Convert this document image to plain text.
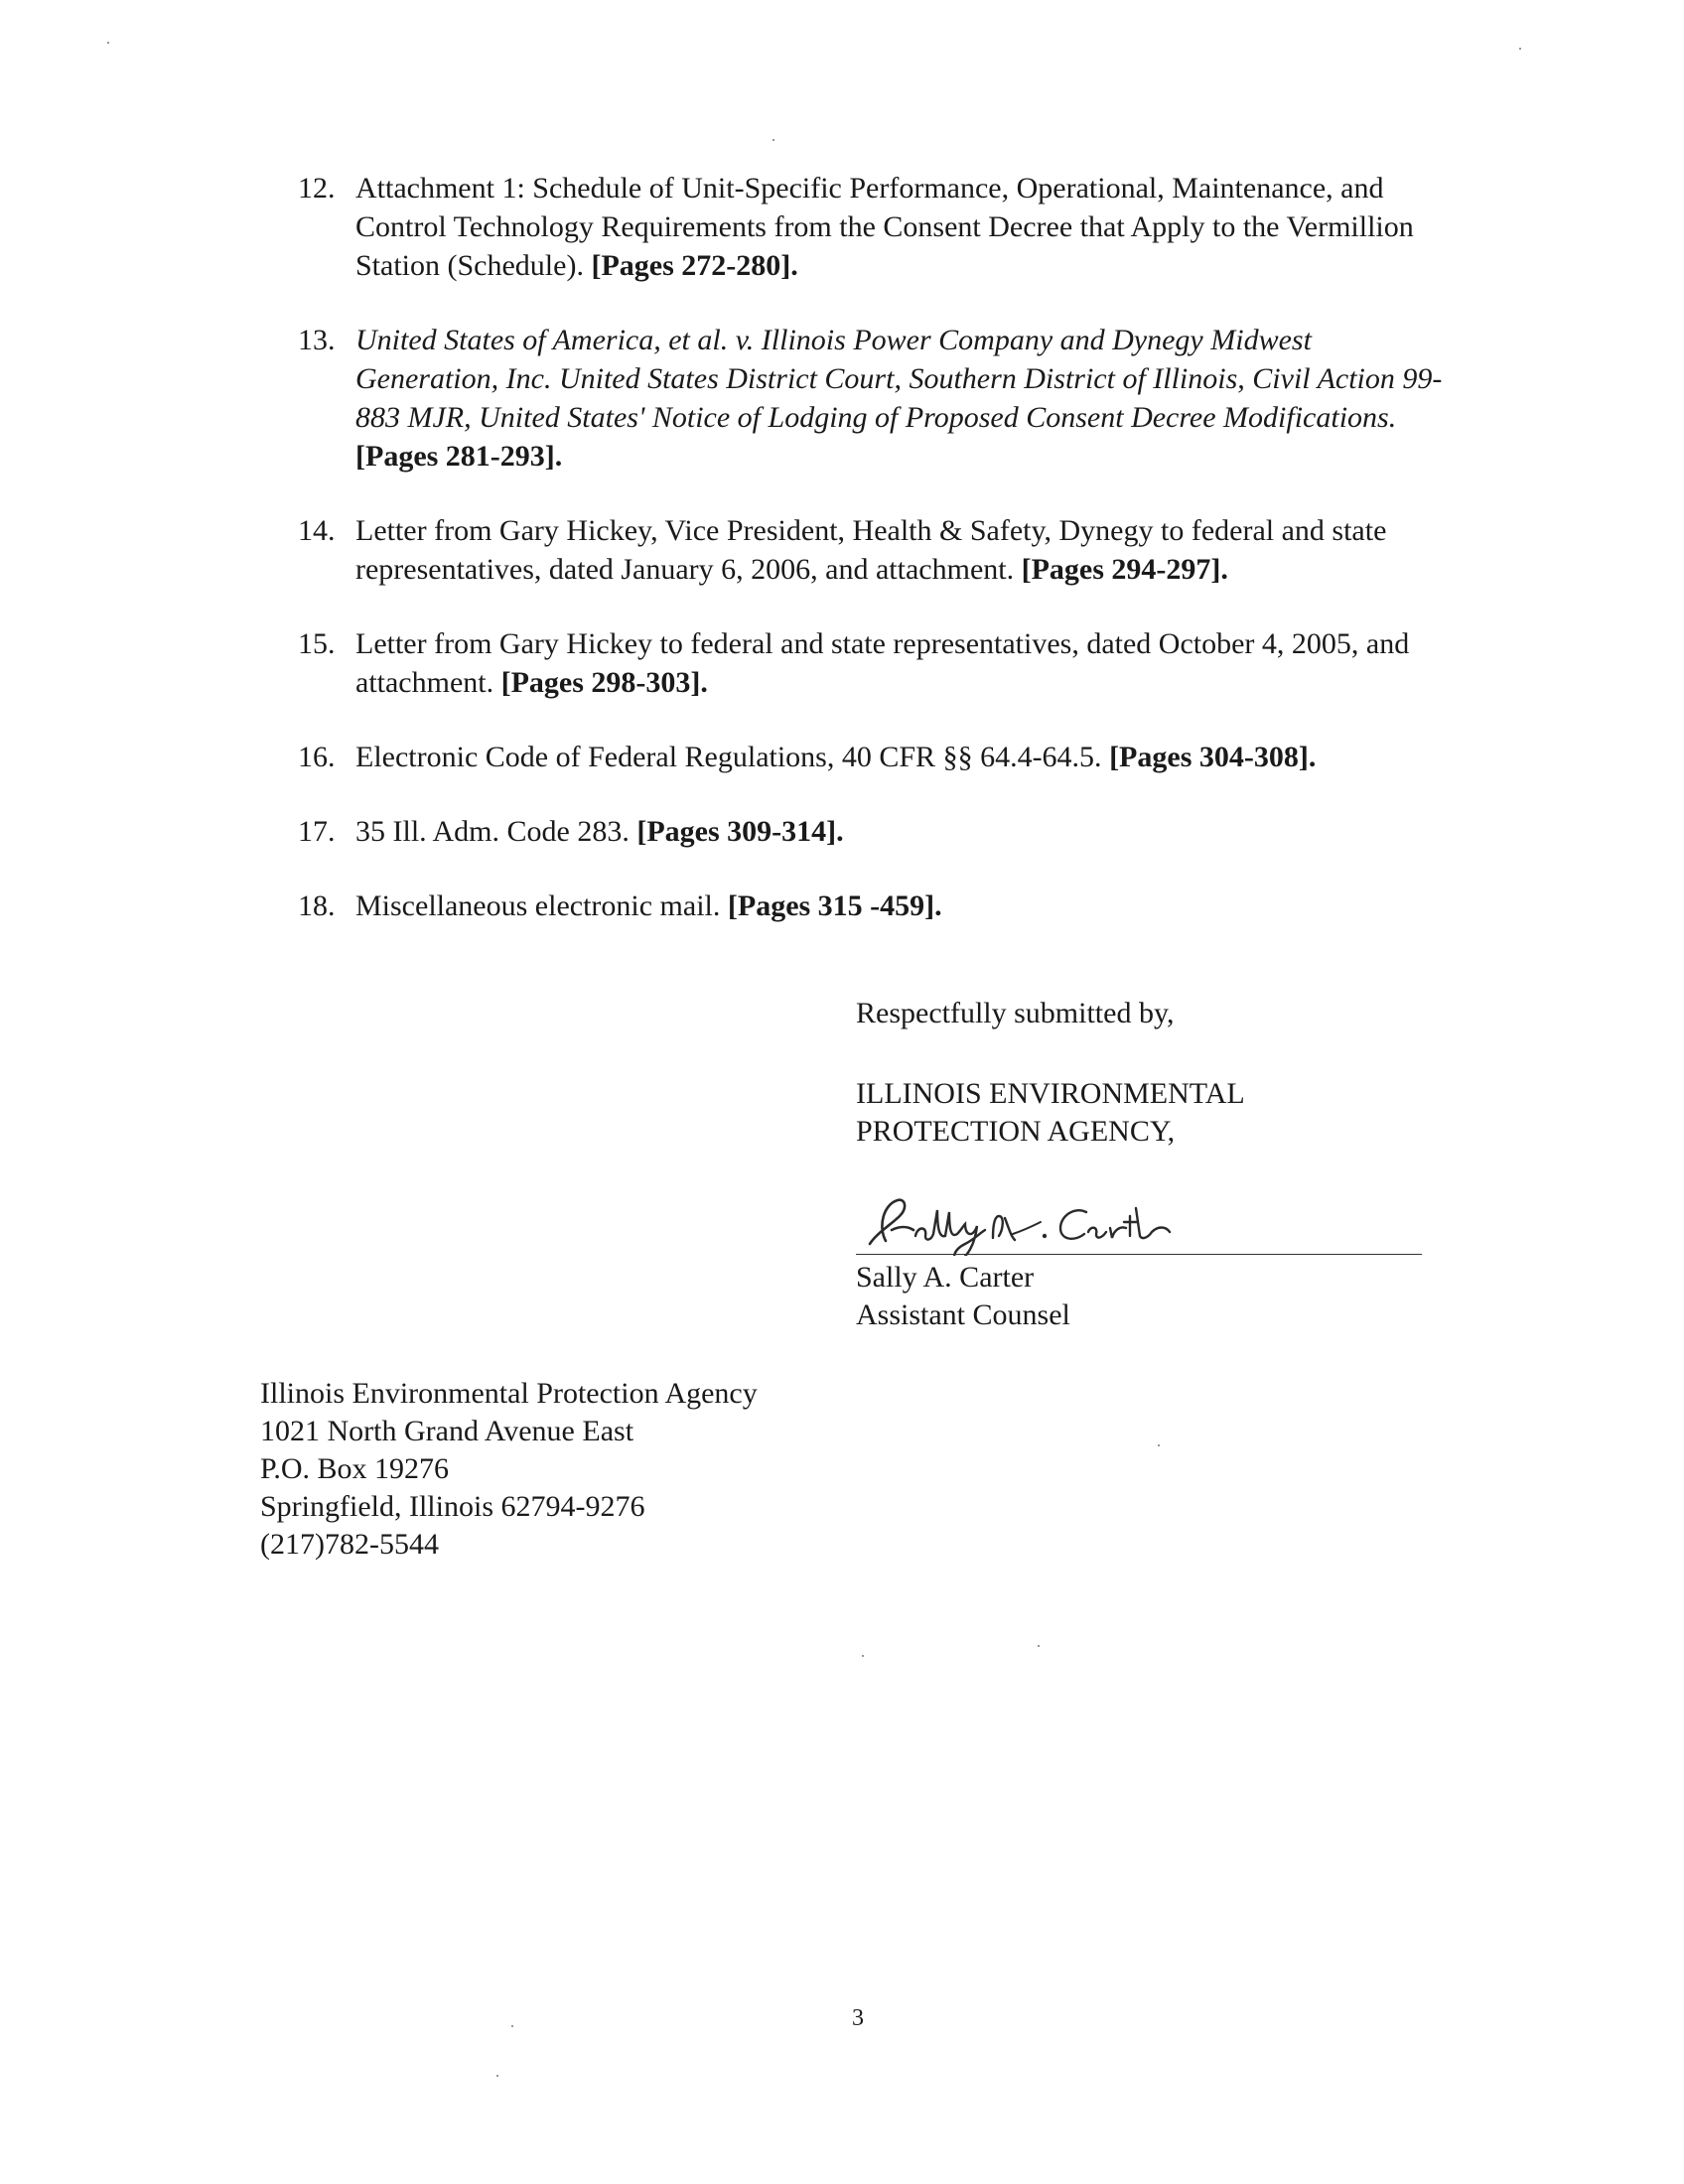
12. Attachment 1: Schedule of Unit-Specific Performance, Operational, Maintenance, and Control Technology Requirements from the Consent Decree that Apply to the Vermillion Station (Schedule). [Pages 272-280].
13. United States of America, et al. v. Illinois Power Company and Dynegy Midwest Generation, Inc. United States District Court, Southern District of Illinois, Civil Action 99-883 MJR, United States' Notice of Lodging of Proposed Consent Decree Modifications. [Pages 281-293].
14. Letter from Gary Hickey, Vice President, Health & Safety, Dynegy to federal and state representatives, dated January 6, 2006, and attachment. [Pages 294-297].
15. Letter from Gary Hickey to federal and state representatives, dated October 4, 2005, and attachment. [Pages 298-303].
16. Electronic Code of Federal Regulations, 40 CFR §§ 64.4-64.5. [Pages 304-308].
17. 35 Ill. Adm. Code 283. [Pages 309-314].
18. Miscellaneous electronic mail. [Pages 315 -459].
Respectfully submitted by,
ILLINOIS ENVIRONMENTAL
PROTECTION AGENCY,
Sally A. Carter
Assistant Counsel
Illinois Environmental Protection Agency
1021 North Grand Avenue East
P.O. Box 19276
Springfield, Illinois 62794-9276
(217)782-5544
3
